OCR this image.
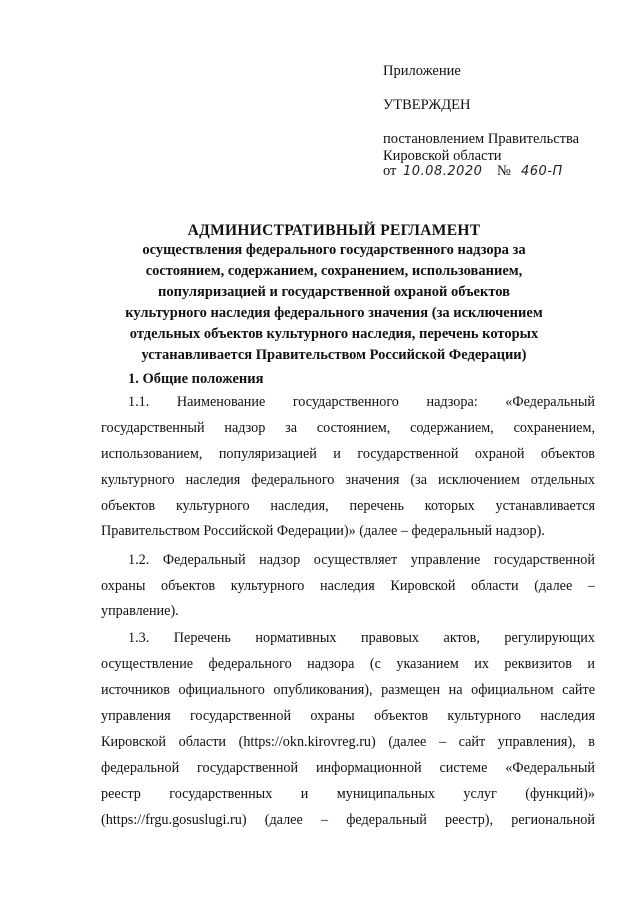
Приложение
УТВЕРЖДЕН
постановлением Правительства
Кировской области
от 10.08.2020 № 460-П
АДМИНИСТРАТИВНЫЙ РЕГЛАМЕНТ
осуществления федерального государственного надзора за
состоянием, содержанием, сохранением, использованием,
популяризацией и государственной охраной объектов
культурного наследия федерального значения (за исключением
отдельных объектов культурного наследия, перечень которых
устанавливается Правительством Российской Федерации)
1. Общие положения
1.1. Наименование государственного надзора: «Федеральный
государственный надзор за состоянием, содержанием, сохранением,
использованием, популяризацией и государственной охраной объектов
культурного наследия федерального значения (за исключением отдельных
объектов культурного наследия, перечень которых устанавливается
Правительством Российской Федерации)» (далее – федеральный надзор).
1.2. Федеральный надзор осуществляет управление государственной
охраны объектов культурного наследия Кировской области (далее –
управление).
1.3. Перечень нормативных правовых актов, регулирующих
осуществление федерального надзора (с указанием их реквизитов и
источников официального опубликования), размещен на официальном сайте
управления государственной охраны объектов культурного наследия
Кировской области (https://okn.kirovreg.ru) (далее – сайт управления), в
федеральной государственной информационной системе «Федеральный
реестр государственных и муниципальных услуг (функций)»
(https://frgu.gosuslugi.ru) (далее – федеральный реестр), региональной
